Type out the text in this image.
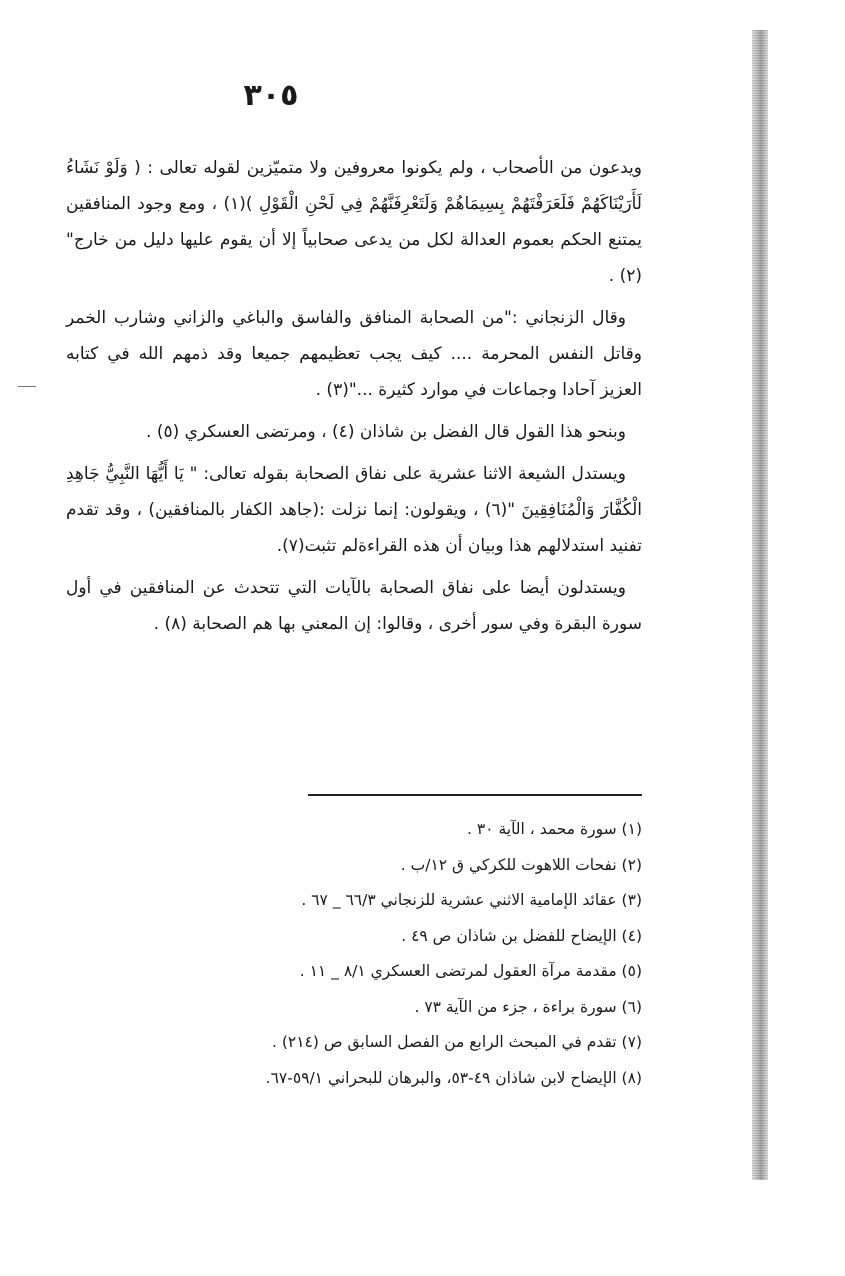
٣٠٥

ويدعون من الأصحاب ، ولم يكونوا معروفين ولا متميّزين لقوله تعالى : ( وَلَوْ نَشَاءُ لَأَرَيْنَاكَهُمْ فَلَعَرَفْتَهُمْ بِسِيمَاهُمْ وَلَتَعْرِفَنَّهُمْ فِي لَحْنِ الْقَوْلِ )(١) ، ومع وجود المنافقين يمتنع الحكم بعموم العدالة لكل من يدعى صحابياً إلا أن يقوم عليها دليل من خارج"(٢) .

وقال الزنجاني :"من الصحابة المنافق والفاسق والباغي والزاني وشارب الخمر وقاتل النفس المحرمة .... كيف يجب تعظيمهم جميعا وقد ذمهم الله في كتابه العزيز آحادا وجماعات في موارد كثيرة ..."(٣) .

وبنحو هذا القول قال الفضل بن شاذان (٤) ، ومرتضى العسكري (٥) .

ويستدل الشيعة الاثنا عشرية على نفاق الصحابة بقوله تعالى: " يَا أَيُّهَا النَّبِيُّ جَاهِدِ الْكُفَّارَ وَالْمُنَافِقِينَ "(٦) ، ويقولون: إنما نزلت :(جاهد الكفار بالمنافقين) ، وقد تقدم تفنيد استدلالهم هذا وبيان أن هذه القراءةلم تثبت(٧).

ويستدلون أيضا على نفاق الصحابة بالآيات التي تتحدث عن المنافقين في أول سورة البقرة وفي سور أخرى ، وقالوا: إن المعني بها هم الصحابة (٨) .

(١) سورة محمد ، الآية ٣٠ .
(٢) نفحات اللاهوت للكركي ق ١٢/ب .
(٣) عقائد الإمامية الاثني عشرية للزنجاني ٦٦/٣ _ ٦٧ .
(٤) الإيضاح للفضل بن شاذان ص ٤٩ .
(٥) مقدمة مرآة العقول لمرتضى العسكري ٨/١ _ ١١ .
(٦) سورة براءة ، جزء من الآية ٧٣ .
(٧) تقدم في المبحث الرابع من الفصل السابق ص (٢١٤) .
(٨) الإيضاح لابن شاذان ٤٩-٥٣، والبرهان للبحراني ٥٩/١-٦٧.
